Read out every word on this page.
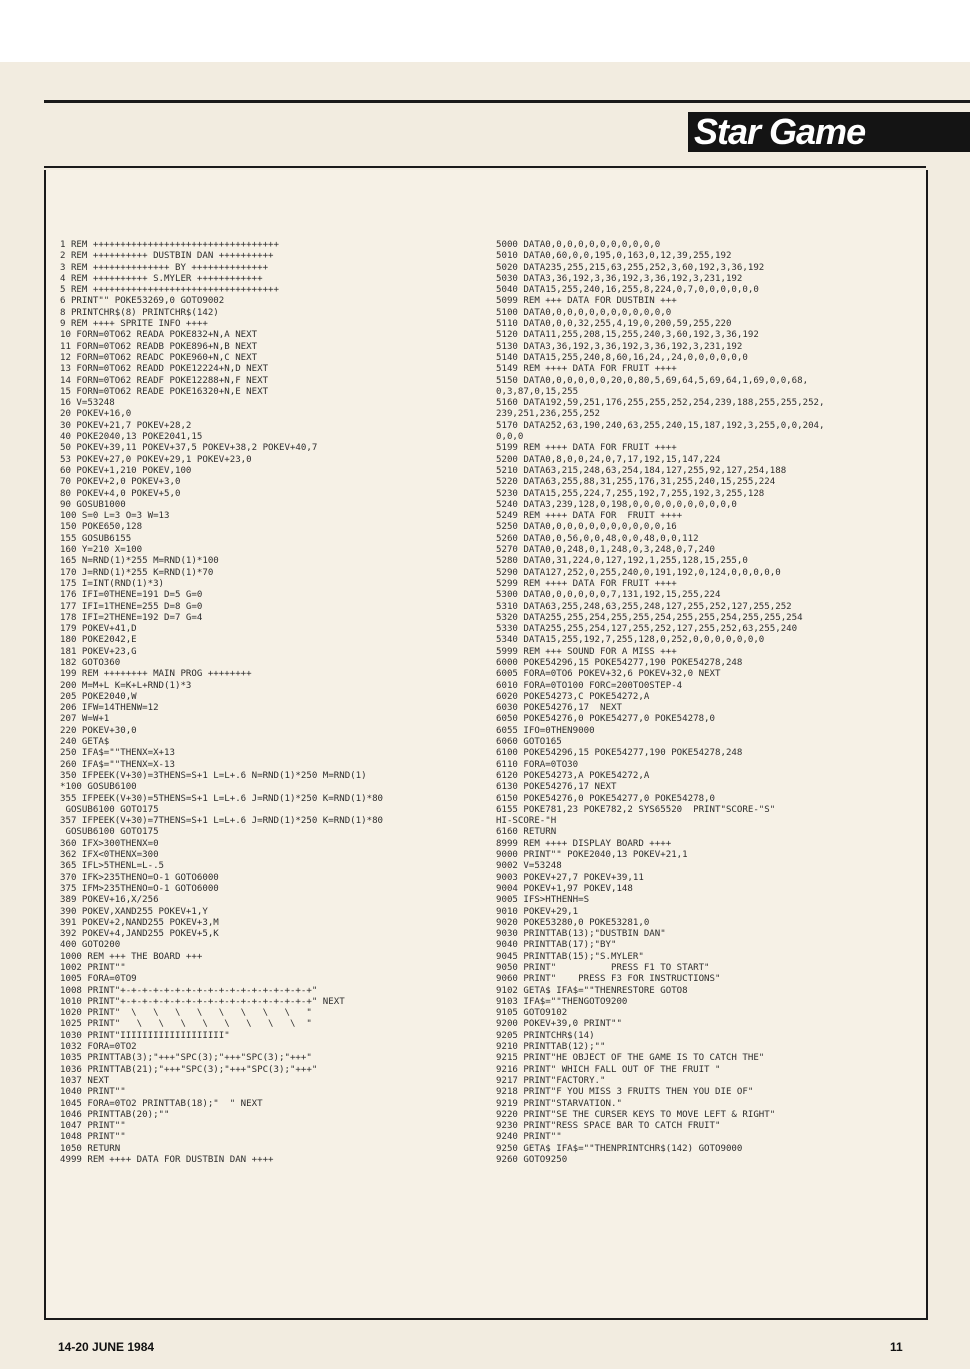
Star Game
1 REM ++++++++++++++++++++++++++++++++++
2 REM ++++++++++ DUSTBIN DAN ++++++++++
3 REM ++++++++++++++ BY ++++++++++++++
4 REM ++++++++++ S.MYLER ++++++++++++
5 REM ++++++++++++++++++++++++++++++++++
6 PRINT"" POKE53269,0 GOTO9002
8 PRINTCHR$(8) PRINTCHR$(142)
9 REM ++++ SPRITE INFO ++++
10 FORN=0TO62 READA POKE832+N,A NEXT
11 FORN=0TO62 READB POKE896+N,B NEXT
12 FORN=0TO62 READC POKE960+N,C NEXT
13 FORN=0TO62 READD POKE12224+N,D NEXT
14 FORN=0TO62 READF POKE12288+N,F NEXT
15 FORN=0TO62 READE POKE16320+N,E NEXT
16 V=53248
20 POKEV+16,0
30 POKEV+21,7 POKEV+28,2
40 POKE2040,13 POKE2041,15
50 POKEV+39,11 POKEV+37,5 POKEV+38,2 POKEV+40,7
53 POKEV+27,0 POKEV+29,1 POKEV+23,0
60 POKEV+1,210 POKEV,100
70 POKEV+2,0 POKEV+3,0
80 POKEV+4,0 POKEV+5,0
90 GOSUB1000
100 S=0 L=3 O=3 W=13
150 POKE650,128
155 GOSUB6155
160 Y=210 X=100
165 N=RND(1)*255 M=RND(1)*100
170 J=RND(1)*255 K=RND(1)*70
175 I=INT(RND(1)*3)
176 IFI=0THENE=191 D=5 G=0
177 IFI=1THENE=255 D=8 G=0
178 IFI=2THENE=192 D=7 G=4
179 POKEV+41,D
180 POKE2042,E
181 POKEV+23,G
182 GOTO360
199 REM ++++++++ MAIN PROG ++++++++
200 M=M+L K=K+L+RND(1)*3
205 POKE2040,W
206 IFW=14THENW=12
207 W=W+1
220 POKEV+30,0
240 GETA$
250 IFA$=""THENX=X+13
260 IFA$=""THENX=X-13
350 IFPEEK(V+30)=3THENS=S+1 L=L+.6 N=RND(1)*250 M=RND(1)
*100 GOSUB6100
355 IFPEEK(V+30)=5THENS=S+1 L=L+.6 J=RND(1)*250 K=RND(1)*80
GOSUB6100 GOTO175
357 IFPEEK(V+30)=7THENS=S+1 L=L+.6 J=RND(1)*250 K=RND(1)*80
GOSUB6100 GOTO175
360 IFX>300THENX=0
362 IFX<0THENX=300
365 IFL>5THENL=L-.5
370 IFK>235THENO=O-1 GOTO6000
375 IFM>235THENO=O-1 GOTO6000
389 POKEV+16,X/256
390 POKEV,XAND255 POKEV+1,Y
391 POKEV+2,NAND255 POKEV+3,M
392 POKEV+4,JAND255 POKEV+5,K
400 GOTO200
1000 REM +++ THE BOARD +++
1002 PRINT""
1005 FORA=0TO9
1008 PRINT"+-+-+-+-+-+-+-+-+-+-+-+-+-+-+-+-+-+"
1010 PRINT"+-+-+-+-+-+-+-+-+-+-+-+-+-+-+-+-+-+" NEXT
1020 PRINT"  \   \   \   \   \   \   \   \   "
1025 PRINT"   \   \   \   \   \   \   \   \  "
1030 PRINT"IIIIIIIIIIIIIIIIIII"
1032 FORA=0TO2
1035 PRINTTAB(3);"+++"SPC(3);"+++"SPC(3);"+++"
1036 PRINTTAB(21);"+++"SPC(3);"+++"SPC(3);"+++"
1037 NEXT
1040 PRINT""
1045 FORA=0TO2 PRINTTAB(18);"  " NEXT
1046 PRINTTAB(20);""
1047 PRINT""
1048 PRINT""
1050 RETURN
4999 REM ++++ DATA FOR DUSTBIN DAN ++++
5000 DATA0,0,0,0,0,0,0,0,0,0,0
5010 DATA0,60,0,0,195,0,163,0,12,39,255,192
5020 DATA235,255,215,63,255,252,3,60,192,3,36,192
5030 DATA3,36,192,3,36,192,3,36,192,3,231,192
5040 DATA15,255,240,16,255,8,224,0,7,0,0,0,0,0,0
5099 REM +++ DATA FOR DUSTBIN +++
5100 DATA0,0,0,0,0,0,0,0,0,0,0,0
5110 DATA0,0,0,32,255,4,19,0,200,59,255,220
5120 DATA11,255,208,15,255,240,3,60,192,3,36,192
5130 DATA3,36,192,3,36,192,3,36,192,3,231,192
5140 DATA15,255,240,8,60,16,24,,24,0,0,0,0,0,0
5149 REM ++++ DATA FOR FRUIT ++++
5150 DATA0,0,0,0,0,0,20,0,80,5,69,64,5,69,64,1,69,0,0,68,
0,3,87,0,15,255
5160 DATA192,59,251,176,255,255,252,254,239,188,255,255,252,
239,251,236,255,252
5170 DATA252,63,190,240,63,255,240,15,187,192,3,255,0,0,204,
0,0,0
5199 REM ++++ DATA FOR FRUIT ++++
5200 DATA0,8,0,0,24,0,7,17,192,15,147,224
5210 DATA63,215,248,63,254,184,127,255,92,127,254,188
5220 DATA63,255,88,31,255,176,31,255,240,15,255,224
5230 DATA15,255,224,7,255,192,7,255,192,3,255,128
5240 DATA3,239,128,0,198,0,0,0,0,0,0,0,0,0,0
5249 REM ++++ DATA FOR  FRUIT ++++
5250 DATA0,0,0,0,0,0,0,0,0,0,0,16
5260 DATA0,0,56,0,0,48,0,0,48,0,0,112
5270 DATA0,0,248,0,1,248,0,3,248,0,7,240
5280 DATA0,31,224,0,127,192,1,255,128,15,255,0
5290 DATA127,252,0,255,240,0,191,192,0,124,0,0,0,0,0
5299 REM ++++ DATA FOR FRUIT ++++
5300 DATA0,0,0,0,0,0,7,131,192,15,255,224
5310 DATA63,255,248,63,255,248,127,255,252,127,255,252
5320 DATA255,255,254,255,255,254,255,255,254,255,255,254
5330 DATA255,255,254,127,255,252,127,255,252,63,255,240
5340 DATA15,255,192,7,255,128,0,252,0,0,0,0,0,0,0
5999 REM +++ SOUND FOR A MISS +++
6000 POKE54296,15 POKE54277,190 POKE54278,248
6005 FORA=0TO6 POKEV+32,6 POKEV+32,0 NEXT
6010 FORA=0TO100 FORC=200TO0STEP-4
6020 POKE54273,C POKE54272,A
6030 POKE54276,17  NEXT
6050 POKE54276,0 POKE54277,0 POKE54278,0
6055 IFO=0THEN9000
6060 GOTO165
6100 POKE54296,15 POKE54277,190 POKE54278,248
6110 FORA=0TO30
6120 POKE54273,A POKE54272,A
6130 POKE54276,17 NEXT
6150 POKE54276,0 POKE54277,0 POKE54278,0
6155 POKE781,23 POKE782,2 SYS65520  PRINT"SCORE-"S"
HI-SCORE-"H
6160 RETURN
8999 REM ++++ DISPLAY BOARD ++++
9000 PRINT"" POKE2040,13 POKEV+21,1
9002 V=53248
9003 POKEV+27,7 POKEV+39,11
9004 POKEV+1,97 POKEV,148
9005 IFS>HTHENH=S
9010 POKEV+29,1
9020 POKE53280,0 POKE53281,0
9030 PRINTTAB(13);"DUSTBIN DAN"
9040 PRINTTAB(17);"BY"
9045 PRINTTAB(15);"S.MYLER"
9050 PRINT"          PRESS F1 TO START"
9060 PRINT"    PRESS F3 FOR INSTRUCTIONS"
9102 GETA$ IFA$=""THENRESTORE GOTO8
9103 IFA$=""THENGOTO9200
9105 GOTO9102
9200 POKEV+39,0 PRINT""
9205 PRINTCHR$(14)
9210 PRINTTAB(12);""
9215 PRINT"HE OBJECT OF THE GAME IS TO CATCH THE"
9216 PRINT" WHICH FALL OUT OF THE FRUIT "
9217 PRINT"FACTORY."
9218 PRINT"F YOU MISS 3 FRUITS THEN YOU DIE OF"
9219 PRINT"STARVATION."
9220 PRINT"SE THE CURSER KEYS TO MOVE LEFT & RIGHT"
9230 PRINT"RESS SPACE BAR TO CATCH FRUIT"
9240 PRINT""
9250 GETA$ IFA$=""THENPRINTCHR$(142) GOTO9000
9260 GOTO9250
14-20 JUNE 1984	11
